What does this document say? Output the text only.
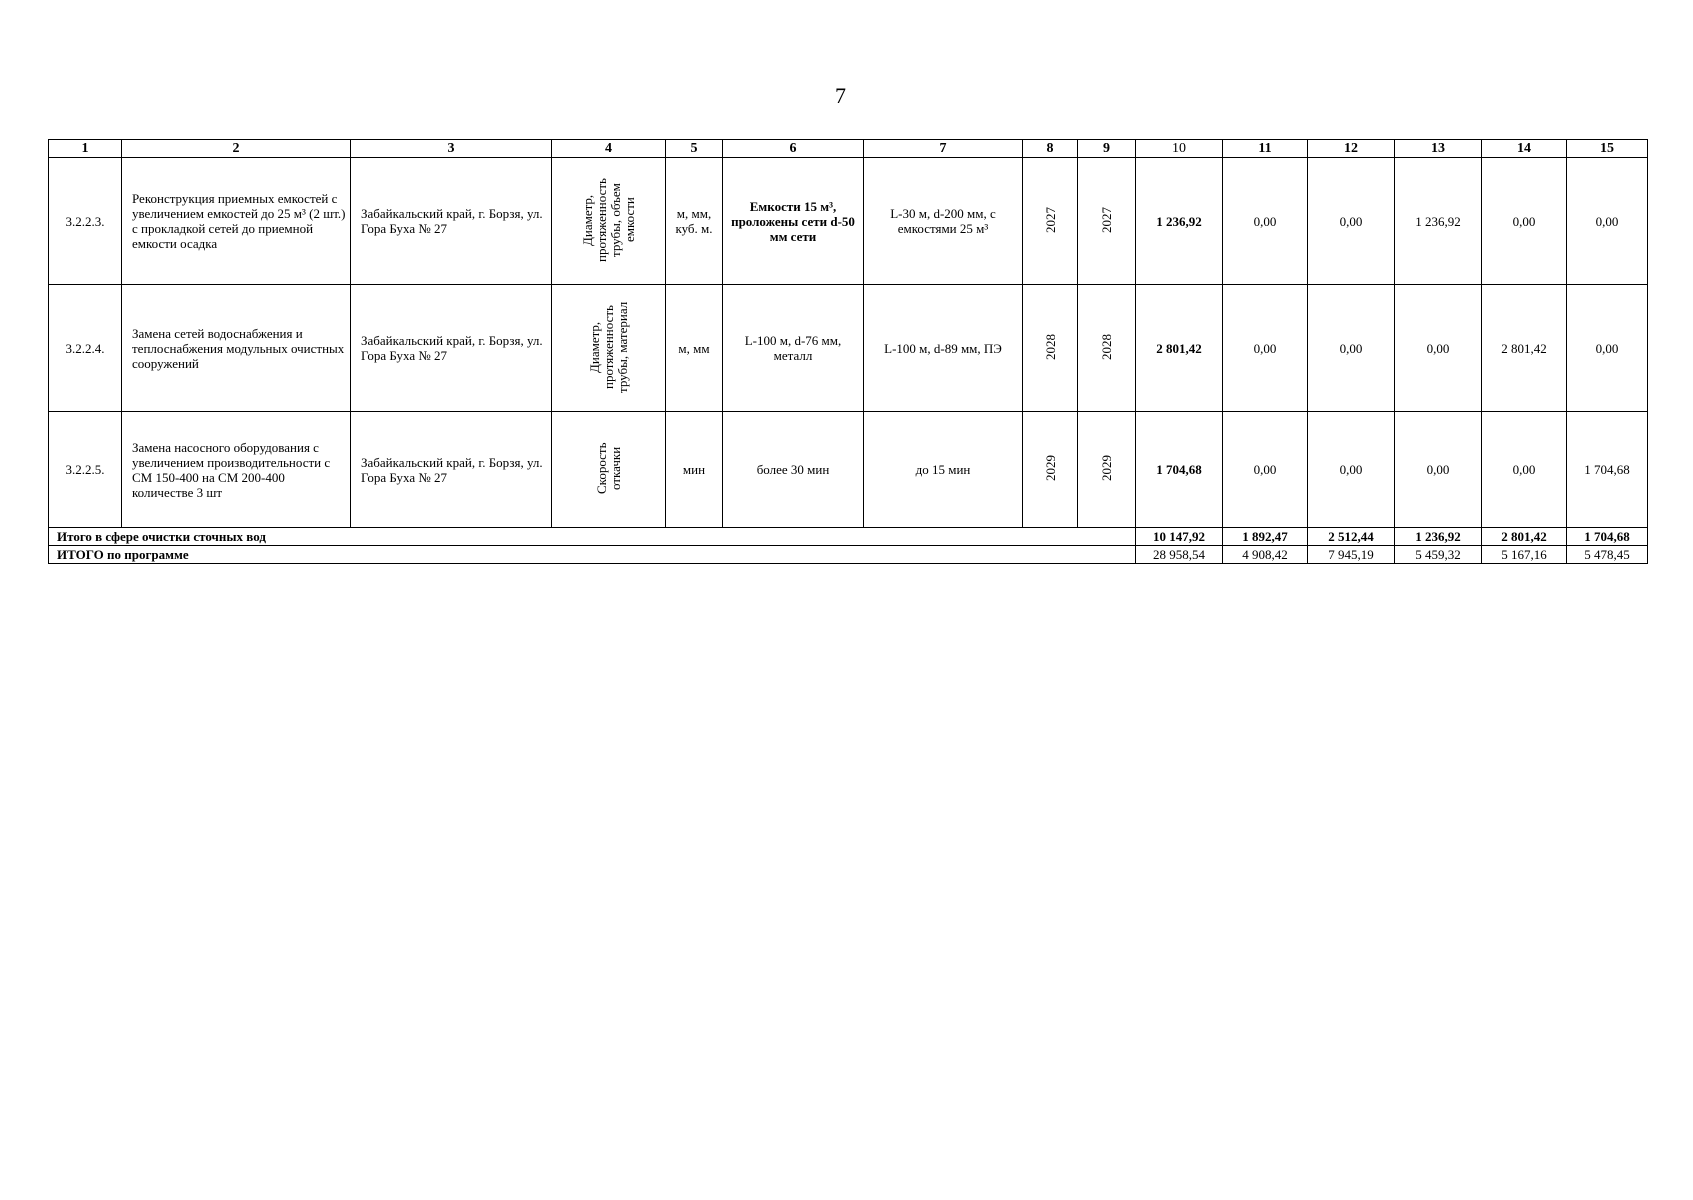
7
1	2	3	4	5	6	7	8	9	10	11	12	13	14	15
3.2.2.3.	Реконструкция приемных емкостей с увеличением емкостей до 25 м³ (2 шт.) с прокладкой сетей до приемной емкости осадка	Забайкальский край, г. Борзя, ул. Гора Буха № 27	Диаметр, протяженность трубы, объем емкости	м, мм, куб. м.	Емкости 15 м³, проложены сети d-50 мм сети	L-30 м, d-200 мм, с емкостями 25 м³	2027	2027	1 236,92	0,00	0,00	1 236,92	0,00	0,00
3.2.2.4.	Замена сетей водоснабжения и теплоснабжения модульных очистных сооружений	Забайкальский край, г. Борзя, ул. Гора Буха № 27	Диаметр, протяженность трубы, материал	м, мм	L-100 м, d-76 мм, металл	L-100 м, d-89 мм, ПЭ	2028	2028	2 801,42	0,00	0,00	0,00	2 801,42	0,00
3.2.2.5.	Замена насосного оборудования с увеличением производительности с СМ 150-400 на СМ 200-400 количестве 3 шт	Забайкальский край, г. Борзя, ул. Гора Буха № 27	Скорость откачки	мин	более 30 мин	до 15 мин	2029	2029	1 704,68	0,00	0,00	0,00	0,00	1 704,68
Итого в сфере очистки сточных вод									10 147,92	1 892,47	2 512,44	1 236,92	2 801,42	1 704,68
ИТОГО по программе									28 958,54	4 908,42	7 945,19	5 459,32	5 167,16	5 478,45
